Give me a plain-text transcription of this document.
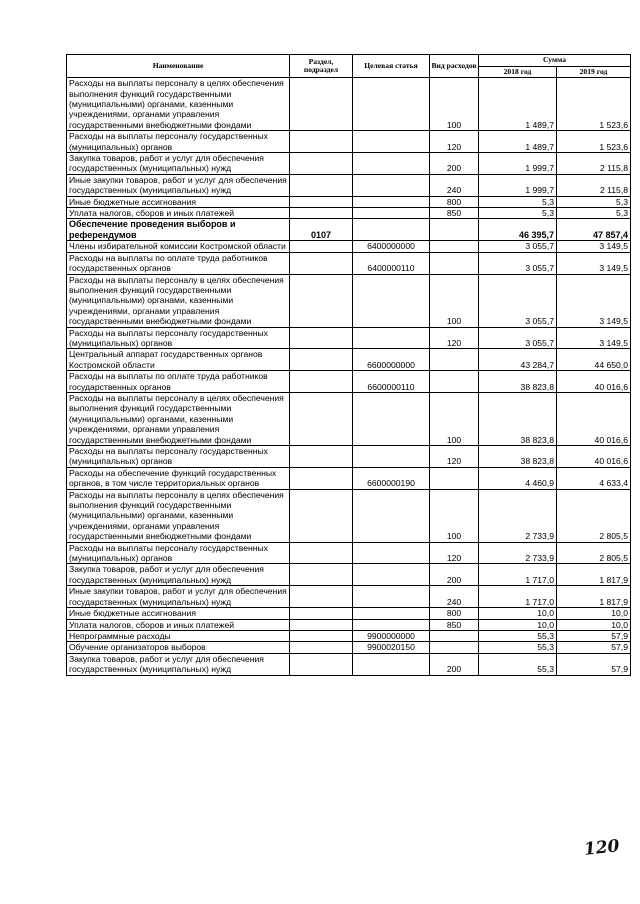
Наименование	Раздел, подраздел	Целевая статья	Вид расходов	Сумма	
				2018 год	2019 год
Расходы на выплаты персоналу в целях обеспечения выполнения функций государственными (муниципальными) органами, казенными учреждениями, органами управления государственными внебюджетными фондами			100	1 489,7	1 523,6
Расходы на выплаты персоналу государственных (муниципальных) органов			120	1 489,7	1 523,6
Закупка товаров, работ и услуг для обеспечения государственных (муниципальных) нужд			200	1 999,7	2 115,8
Иные закупки товаров, работ и услуг для обеспечения государственных (муниципальных) нужд			240	1 999,7	2 115,8
Иные бюджетные ассигнования			800	5,3	5,3
Уплата налогов, сборов и иных платежей			850	5,3	5,3
Обеспечение проведения выборов и референдумов	0107			46 395,7	47 857,4
Члены избирательной комиссии Костромской области		6400000000		3 055,7	3 149,5
Расходы на выплаты по оплате труда работников государственных органов		6400000110		3 055,7	3 149,5
Расходы на выплаты персоналу в целях обеспечения выполнения функций государственными (муниципальными) органами, казенными учреждениями, органами управления государственными внебюджетными фондами			100	3 055,7	3 149,5
Расходы на выплаты персоналу государственных (муниципальных) органов			120	3 055,7	3 149,5
Центральный аппарат государственных органов Костромской области		6600000000		43 284,7	44 650,0
Расходы на выплаты по оплате труда работников государственных органов		6600000110		38 823,8	40 016,6
Расходы на выплаты персоналу в целях обеспечения выполнения функций государственными (муниципальными) органами, казенными учреждениями, органами управления государственными внебюджетными фондами			100	38 823,8	40 016,6
Расходы на выплаты персоналу государственных (муниципальных) органов			120	38 823,8	40 016,6
Расходы на обеспечение функций государственных органов, в том числе территориальных органов		6600000190		4 460,9	4 633,4
Расходы на выплаты персоналу в целях обеспечения выполнения функций государственными (муниципальными) органами, казенными учреждениями, органами управления государственными внебюджетными фондами			100	2 733,9	2 805,5
Расходы на выплаты персоналу государственных (муниципальных) органов			120	2 733,9	2 805,5
Закупка товаров, работ и услуг для обеспечения государственных (муниципальных) нужд			200	1 717,0	1 817,9
Иные закупки товаров, работ и услуг для обеспечения государственных (муниципальных) нужд			240	1 717,0	1 817,9
Иные бюджетные ассигнования			800	10,0	10,0
Уплата налогов, сборов и иных платежей			850	10,0	10,0
Непрограммные расходы		9900000000		55,3	57,9
Обучение организаторов выборов		9900020150		55,3	57,9
Закупка товаров, работ и услуг для обеспечения государственных (муниципальных) нужд			200	55,3	57,9
120
